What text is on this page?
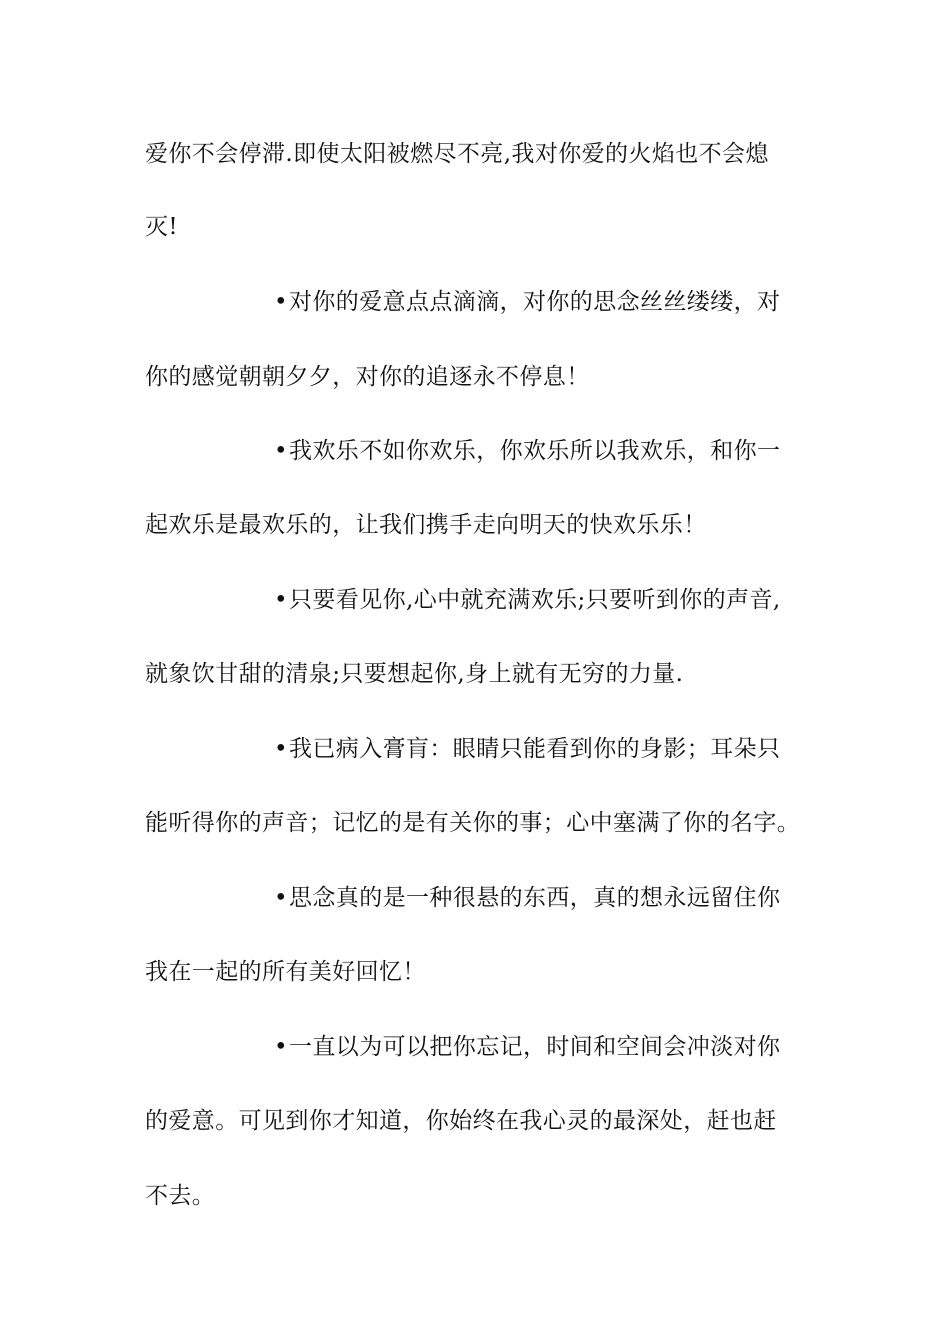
爱你不会停滞.即使太阳被燃尽不亮,我对你爱的火焰也不会熄
灭!
•对你的爱意点点滴滴，对你的思念丝丝缕缕，对
你的感觉朝朝夕夕，对你的追逐永不停息！
•我欢乐不如你欢乐，你欢乐所以我欢乐，和你一
起欢乐是最欢乐的，让我们携手走向明天的快欢乐乐！
•只要看见你,心中就充满欢乐;只要听到你的声音,
就象饮甘甜的清泉;只要想起你,身上就有无穷的力量.
•我已病入膏肓：眼睛只能看到你的身影；耳朵只
能听得你的声音；记忆的是有关你的事；心中塞满了你的名字。
•思念真的是一种很悬的东西，真的想永远留住你
我在一起的所有美好回忆！
•一直以为可以把你忘记，时间和空间会冲淡对你
的爱意。可见到你才知道，你始终在我心灵的最深处，赶也赶
不去。
